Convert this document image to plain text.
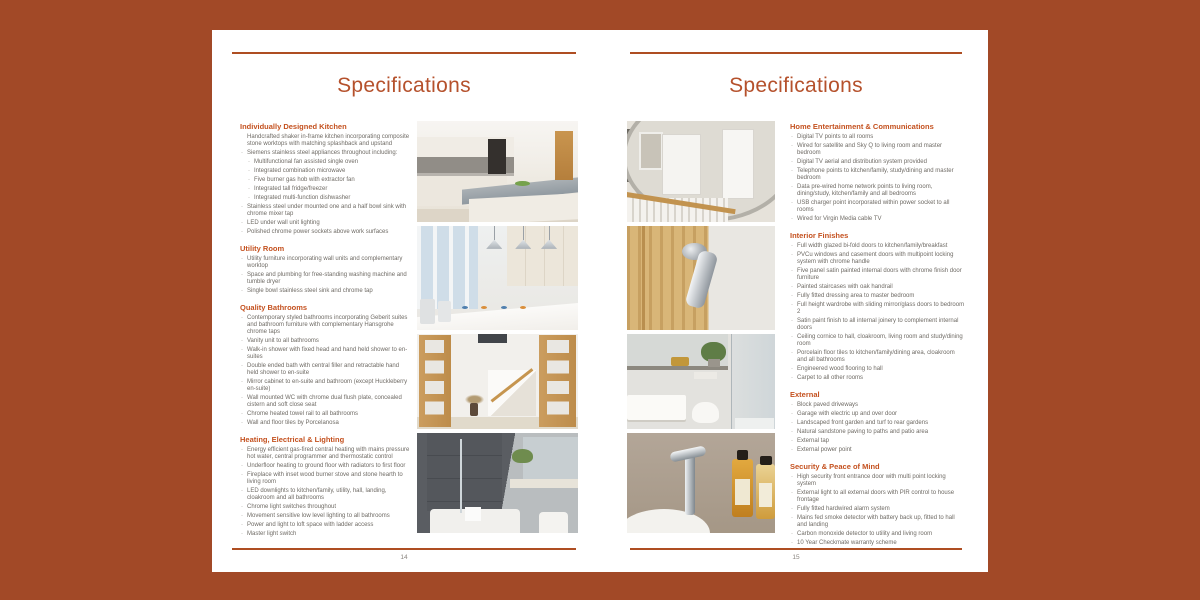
Specifications	Specifications
Individually Designed Kitchen
Handcrafted shaker in-frame kitchen incorporating composite stone worktops with matching splashback and upstand
· Siemens stainless steel appliances throughout including:
· Multifunctional fan assisted single oven
· Integrated combination microwave
· Five burner gas hob with extractor fan
· Integrated tall fridge/freezer
· Integrated multi-function dishwasher
· Stainless steel under mounted one and a half bowl sink with chrome mixer tap
· LED under wall unit lighting
· Polished chrome power sockets above work surfaces
Utility Room
· Utility furniture incorporating wall units and complementary worktop
· Space and plumbing for free-standing washing machine and tumble dryer
· Single bowl stainless steel sink and chrome tap
Quality Bathrooms
· Contemporary styled bathrooms incorporating Geberit suites and bathroom furniture with complementary Hansgrohe chrome taps
· Vanity unit to all bathrooms
· Walk-in shower with fixed head and hand held shower to en-suites
· Double ended bath with central filler and retractable hand held shower to en-suite
· Mirror cabinet to en-suite and bathroom (except Huckleberry en-suite)
· Wall mounted WC with chrome dual flush plate, concealed cistern and soft close seat
· Chrome heated towel rail to all bathrooms
· Wall and floor tiles by Porcelanosa
Heating, Electrical & Lighting
· Energy efficient gas-fired central heating with mains pressure hot water, central programmer and thermostatic control
· Underfloor heating to ground floor with radiators to first floor
· Fireplace with inset wood burner stove and stone hearth to living room
· LED downlights to kitchen/family, utility, hall, landing, cloakroom and all bathrooms
· Chrome light switches throughout
· Movement sensitive low level lighting to all bathrooms
· Power and light to loft space with ladder access
· Master light switch
Home Entertainment & Communications
· Digital TV points to all rooms
· Wired for satellite and Sky Q to living room and master bedroom
· Digital TV aerial and distribution system provided
· Telephone points to kitchen/family, study/dining and master bedroom
· Data pre-wired home network points to living room, dining/study, kitchen/family and all bedrooms
· USB charger point incorporated within power socket to all rooms
· Wired for Virgin Media cable TV
Interior Finishes
· Full width glazed bi-fold doors to kitchen/family/breakfast
· PVCu windows and casement doors with multipoint locking system with chrome handle
· Five panel satin painted internal doors with chrome finish door furniture
· Painted staircases with oak handrail
· Fully fitted dressing area to master bedroom
· Full height wardrobe with sliding mirror/glass doors to bedroom 2
· Satin paint finish to all internal joinery to complement internal doors
· Ceiling cornice to hall, cloakroom, living room and study/dining room
· Porcelain floor tiles to kitchen/family/dining area, cloakroom and all bathrooms
· Engineered wood flooring to hall
· Carpet to all other rooms
External
· Block paved driveways
· Garage with electric up and over door
· Landscaped front garden and turf to rear gardens
· Natural sandstone paving to paths and patio area
· External tap
· External power point
Security & Peace of Mind
· High security front entrance door with multi point locking system
· External light to all external doors with PIR control to house frontage
· Fully fitted hardwired alarm system
· Mains fed smoke detector with battery back up, fitted to hall and landing
· Carbon monoxide detector to utility and living room
· 10 Year Checkmate warranty scheme
14	15
